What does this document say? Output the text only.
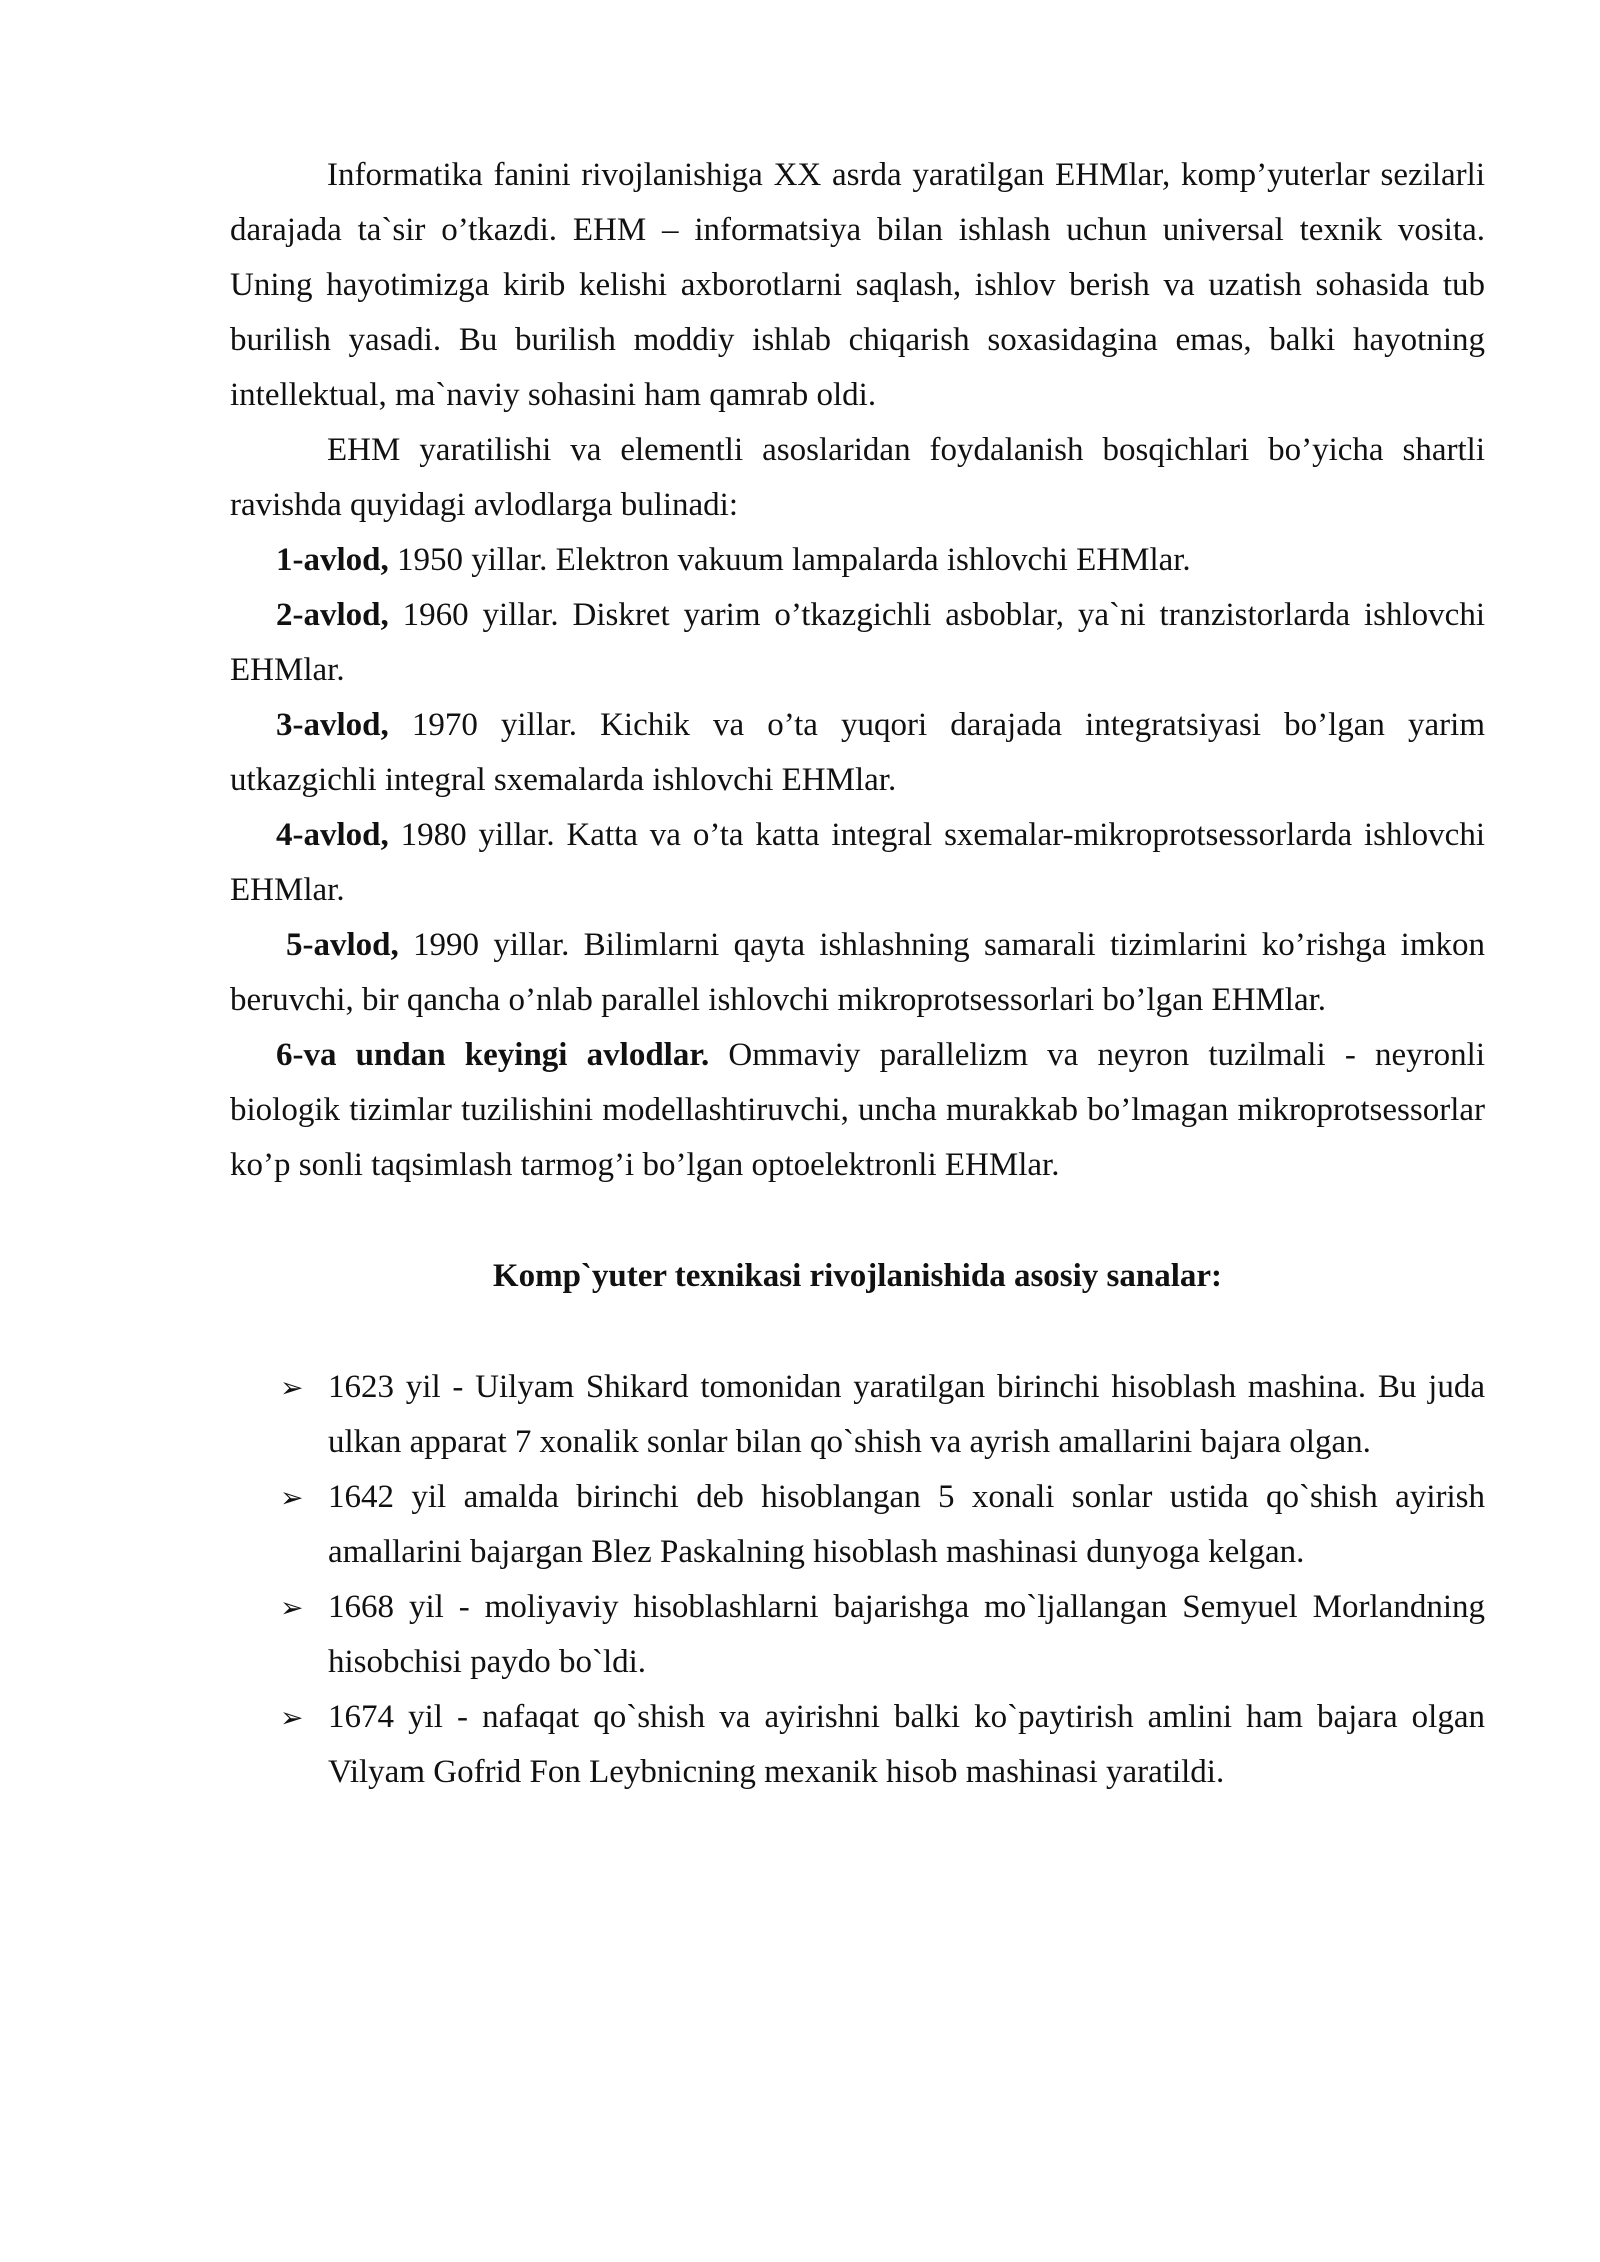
Informatika fanini rivojlanishiga XX asrda yaratilgan EHMlar, komp’yuterlar sezilarli darajada ta`sir o’tkazdi. EHM – informatsiya bilan ishlash uchun universal texnik vosita. Uning hayotimizga kirib kelishi axborotlarni saqlash, ishlov berish va uzatish sohasida tub burilish yasadi. Bu burilish moddiy ishlab chiqarish soxasidagina emas, balki hayotning intellektual, ma`naviy sohasini ham qamrab oldi.

EHM yaratilishi va elementli asoslaridan foydalanish bosqichlari bo’yicha shartli ravishda quyidagi avlodlarga bulinadi:

1-avlod, 1950 yillar. Elektron vakuum lampalarda ishlovchi EHMlar.

2-avlod, 1960 yillar. Diskret yarim o’tkazgichli asboblar, ya`ni tranzistorlarda ishlovchi EHMlar.

3-avlod, 1970 yillar. Kichik va o’ta yuqori darajada integratsiyasi bo’lgan yarim utkazgichli integral sxemalarda ishlovchi EHMlar.

4-avlod, 1980 yillar. Katta va o’ta katta integral sxemalar-mikroprotsessorlarda ishlovchi EHMlar.

5-avlod, 1990 yillar. Bilimlarni qayta ishlashning samarali tizimlarini ko’rishga imkon beruvchi, bir qancha o’nlab parallel ishlovchi mikroprotsessorlari bo’lgan EHMlar.

6-va undan keyingi avlodlar. Ommaviy parallelizm va neyron tuzilmali - neyronli biologik tizimlar tuzilishini modellashtiruvchi, uncha murakkab bo’lmagan mikroprotsessorlar ko’p sonli taqsimlash tarmog’i bo’lgan optoelektronli EHMlar.

Komp`yuter texnikasi rivojlanishida asosiy sanalar:

➢ 1623 yil - Uilyam Shikard tomonidan yaratilgan birinchi hisoblash mashina. Bu juda ulkan apparat 7 xonalik sonlar bilan qo`shish va ayrish amallarini bajara olgan.
➢ 1642 yil amalda birinchi deb hisoblangan 5 xonali sonlar ustida qo`shish ayirish amallarini bajargan Blez Paskalning hisoblash mashinasi dunyoga kelgan.
➢ 1668 yil - moliyaviy hisoblashlarni bajarishga mo`ljallangan Semyuel Morlandning hisobchisi paydo bo`ldi.
➢ 1674 yil - nafaqat qo`shish va ayirishni balki ko`paytirish amlini ham bajara olgan Vilyam Gofrid Fon Leybnicning mexanik hisob mashinasi yaratildi.
